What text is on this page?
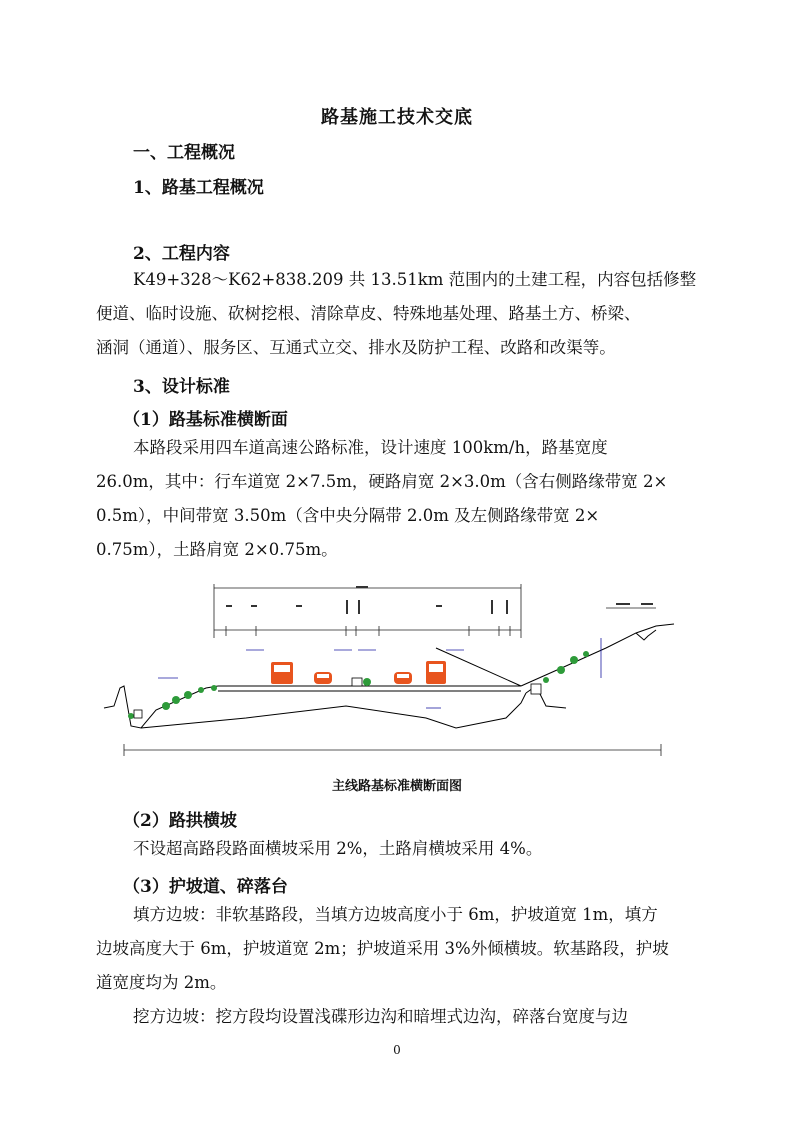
路基施工技术交底
一、工程概况
1、路基工程概况
2、工程内容
K49+328～K62+838.209 共 13.51km 范围内的土建工程，内容包括修整
便道、临时设施、砍树挖根、清除草皮、特殊地基处理、路基土方、桥梁、
涵洞（通道）、服务区、互通式立交、排水及防护工程、改路和改渠等。
3、设计标准
（1）路基标准横断面
本路段采用四车道高速公路标准，设计速度 100km/h，路基宽度
26.0m，其中：行车道宽 2×7.5m，硬路肩宽 2×3.0m（含右侧路缘带宽 2×
0.5m），中间带宽 3.50m（含中央分隔带 2.0m 及左侧路缘带宽 2×
0.75m），土路肩宽 2×0.75m。
主线路基标准横断面图
（2）路拱横坡
不设超高路段路面横坡采用 2%，土路肩横坡采用 4%。
（3）护坡道、碎落台
填方边坡：非软基路段，当填方边坡高度小于 6m，护坡道宽 1m，填方
边坡高度大于 6m，护坡道宽 2m；护坡道采用 3%外倾横坡。软基路段，护坡
道宽度均为 2m。
挖方边坡：挖方段均设置浅碟形边沟和暗埋式边沟，碎落台宽度与边
0
